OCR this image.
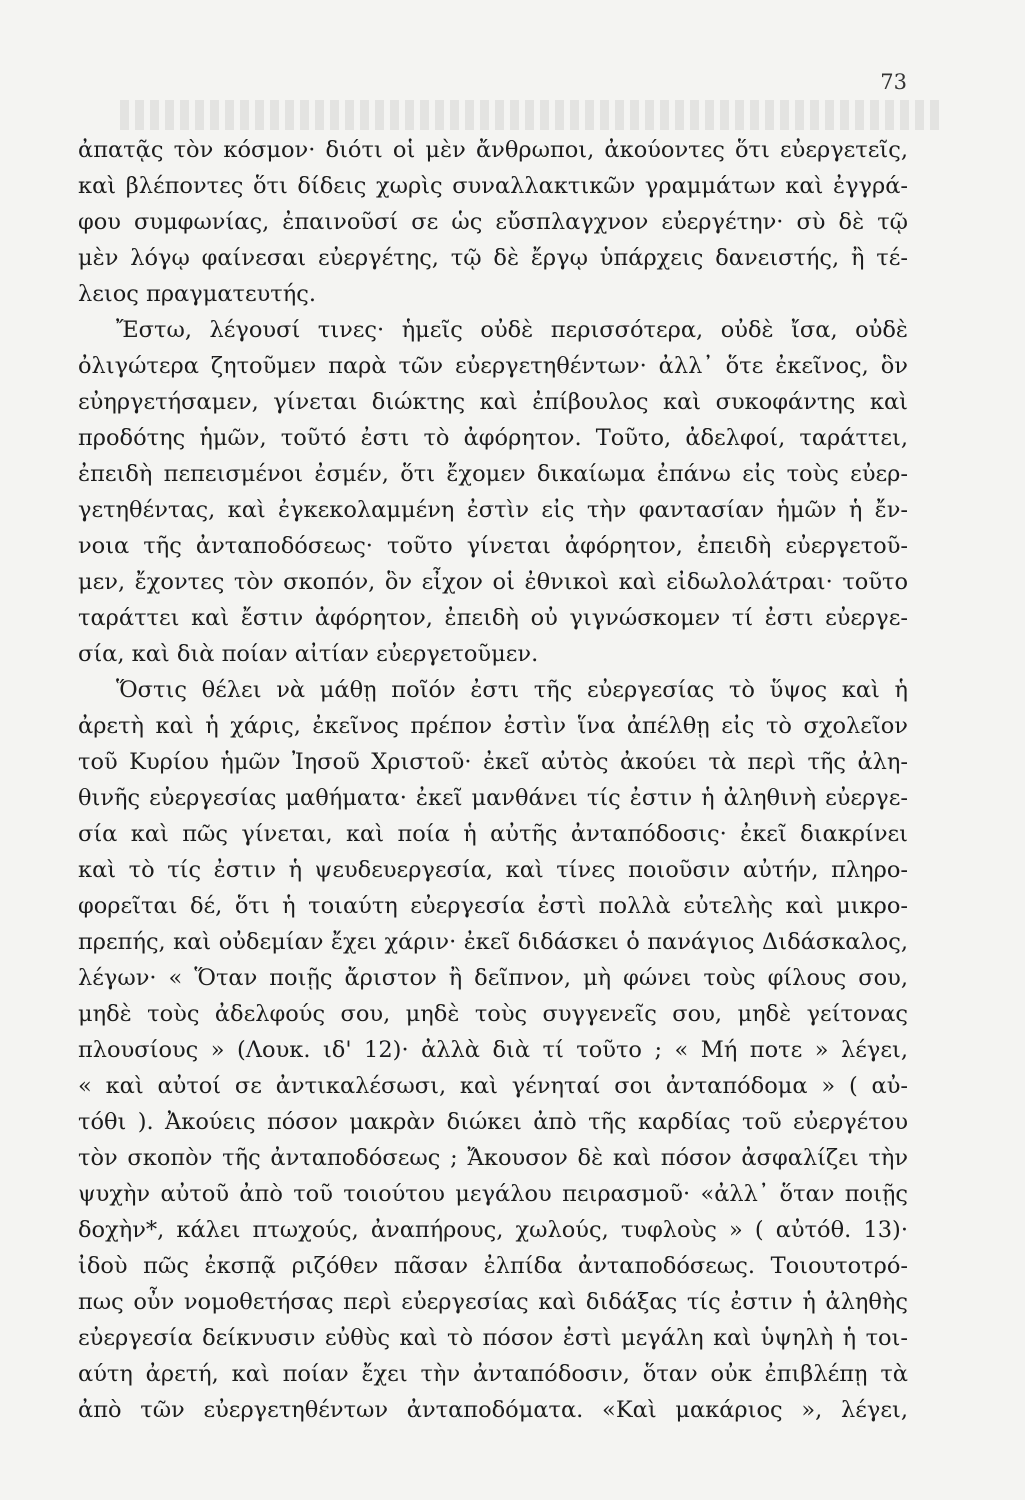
73
ἀπατᾷς τὸν κόσμον· διότι οἱ μὲν ἄνθρωποι, ἀκούοντες ὅτι εὐεργετεῖς,
καὶ βλέποντες ὅτι δίδεις χωρὶς συναλλακτικῶν γραμμάτων καὶ ἐγγρά-
φου συμφωνίας, ἐπαινοῦσί σε ὡς εὔσπλαγχνον εὐεργέτην· σὺ δὲ τῷ
μὲν λόγῳ φαίνεσαι εὐεργέτης, τῷ δὲ ἔργῳ ὑπάρχεις δανειστής, ἢ τέ-
λειος πραγματευτής.
Ἔστω, λέγουσί τινες· ἡμεῖς οὐδὲ περισσότερα, οὐδὲ ἴσα, οὐδὲ
ὀλιγώτερα ζητοῦμεν παρὰ τῶν εὐεργετηθέντων· ἀλλ᾽ ὅτε ἐκεῖνος, ὃν
εὐηργετήσαμεν, γίνεται διώκτης καὶ ἐπίβουλος καὶ συκοφάντης καὶ
προδότης ἡμῶν, τοῦτό ἐστι τὸ ἀφόρητον. Τοῦτο, ἀδελφοί, ταράττει,
ἐπειδὴ πεπεισμένοι ἐσμέν, ὅτι ἔχομεν δικαίωμα ἐπάνω εἰς τοὺς εὐερ-
γετηθέντας, καὶ ἐγκεκολαμμένη ἐστὶν εἰς τὴν φαντασίαν ἡμῶν ἡ ἔν-
νοια τῆς ἀνταποδόσεως· τοῦτο γίνεται ἀφόρητον, ἐπειδὴ εὐεργετοῦ-
μεν, ἔχοντες τὸν σκοπόν, ὃν εἶχον οἱ ἐθνικοὶ καὶ εἰδωλολάτραι· τοῦτο
ταράττει καὶ ἔστιν ἀφόρητον, ἐπειδὴ οὐ γιγνώσκομεν τί ἐστι εὐεργε-
σία, καὶ διὰ ποίαν αἰτίαν εὐεργετοῦμεν.
Ὅστις θέλει νὰ μάθῃ ποῖόν ἐστι τῆς εὐεργεσίας τὸ ὕψος καὶ ἡ
ἀρετὴ καὶ ἡ χάρις, ἐκεῖνος πρέπον ἐστὶν ἵνα ἀπέλθῃ εἰς τὸ σχολεῖον
τοῦ Κυρίου ἡμῶν Ἰησοῦ Χριστοῦ· ἐκεῖ αὐτὸς ἀκούει τὰ περὶ τῆς ἀλη-
θινῆς εὐεργεσίας μαθήματα· ἐκεῖ μανθάνει τίς ἐστιν ἡ ἀληθινὴ εὐεργε-
σία καὶ πῶς γίνεται, καὶ ποία ἡ αὐτῆς ἀνταπόδοσις· ἐκεῖ διακρίνει
καὶ τὸ τίς ἐστιν ἡ ψευδευεργεσία, καὶ τίνες ποιοῦσιν αὐτήν, πληρο-
φορεῖται δέ, ὅτι ἡ τοιαύτη εὐεργεσία ἐστὶ πολλὰ εὐτελὴς καὶ μικρο-
πρεπής, καὶ οὐδεμίαν ἔχει χάριν· ἐκεῖ διδάσκει ὁ πανάγιος Διδάσκαλος,
λέγων· « Ὅταν ποιῇς ἄριστον ἢ δεῖπνον, μὴ φώνει τοὺς φίλους σου,
μηδὲ τοὺς ἀδελφούς σου, μηδὲ τοὺς συγγενεῖς σου, μηδὲ γείτονας
πλουσίους » (Λουκ. ιδ' 12)· ἀλλὰ διὰ τί τοῦτο ; « Μή ποτε » λέγει,
« καὶ αὐτοί σε ἀντικαλέσωσι, καὶ γένηταί σοι ἀνταπόδομα » ( αὐ-
τόθι ). Ἀκούεις πόσον μακρὰν διώκει ἀπὸ τῆς καρδίας τοῦ εὐεργέτου
τὸν σκοπὸν τῆς ἀνταποδόσεως ; Ἄκουσον δὲ καὶ πόσον ἀσφαλίζει τὴν
ψυχὴν αὐτοῦ ἀπὸ τοῦ τοιούτου μεγάλου πειρασμοῦ· «ἀλλ᾽ ὅταν ποιῇς
δοχὴν*, κάλει πτωχούς, ἀναπήρους, χωλούς, τυφλοὺς » ( αὐτόθ. 13)·
ἰδοὺ πῶς ἐκσπᾷ ριζόθεν πᾶσαν ἐλπίδα ἀνταποδόσεως. Τοιουτοτρό-
πως οὖν νομοθετήσας περὶ εὐεργεσίας καὶ διδάξας τίς ἐστιν ἡ ἀληθὴς
εὐεργεσία δείκνυσιν εὐθὺς καὶ τὸ πόσον ἐστὶ μεγάλη καὶ ὑψηλὴ ἡ τοι-
αύτη ἀρετή, καὶ ποίαν ἔχει τὴν ἀνταπόδοσιν, ὅταν οὐκ ἐπιβλέπῃ τὰ
ἀπὸ τῶν εὐεργετηθέντων ἀνταποδόματα. «Καὶ μακάριος », λέγει,
